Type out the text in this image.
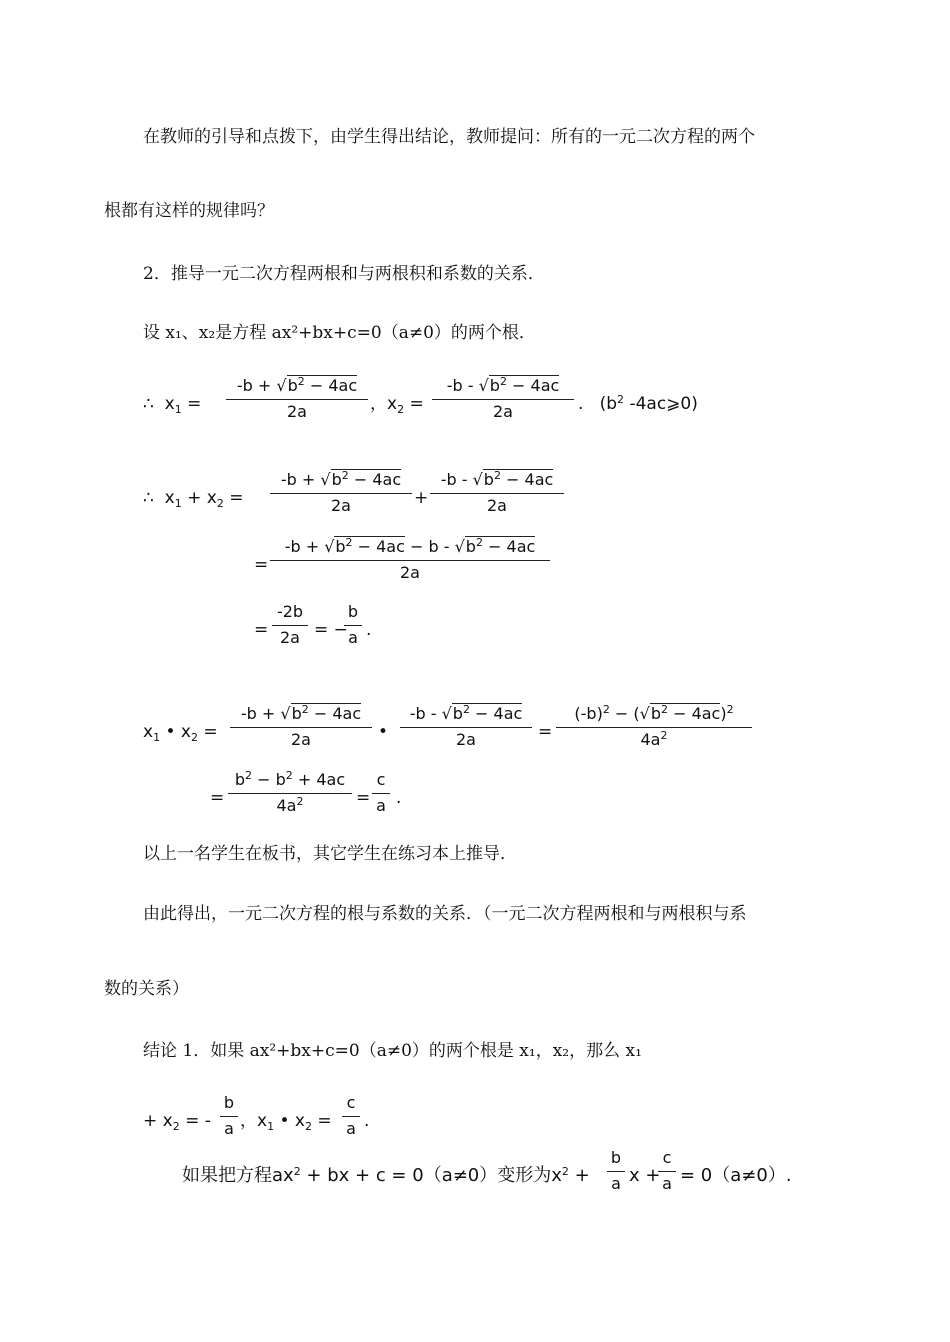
在教师的引导和点拨下，由学生得出结论，教师提问：所有的一元二次方程的两个
根都有这样的规律吗？
2．推导一元二次方程两根和与两根积和系数的关系．
设 x₁、x₂是方程 ax²+bx+c=0（a≠0）的两个根．
∴  $x_1$ =
$-b + √b^2 - 4ac$
2a	，$x_2$ =
$-b - √b^2 - 4ac$
2a	.   ($b^2$ -4ac⩾0)
∴  $x_1 + x_2$ =
$-b + √b^2 - 4ac$
2a	+
$-b - √b^2 - 4ac$
2a
=
$-b + √b^2 - 4ac - b - √b^2 - 4ac$
2a
=
-2b
2a = −
b
a .
$x_1$ • $x_2$ =
$-b + √b^2 - 4ac$
2a	•
$-b - √b^2 - 4ac$
2a	=
$(-b)^2 - (√b^2 - 4ac)^2$
$4a^2$
=
$b^2 - b^2 + 4ac$
$4a^2$	=
c
a .
以上一名学生在板书，其它学生在练习本上推导．
由此得出，一元二次方程的根与系数的关系．（一元二次方程两根和与两根积与系
数的关系）
结论 1．如果 ax²+bx+c=0（a≠0）的两个根是 x₁，x₂，那么 x₁
+ $x_2$ = -
b
a ，$x_1$ • $x_2$ =
c
a .
如果把方程$ax^2$ + bx + c = 0（a≠0）变形为$x^2$ +
b
a x +
c
a = 0（a≠0）.
